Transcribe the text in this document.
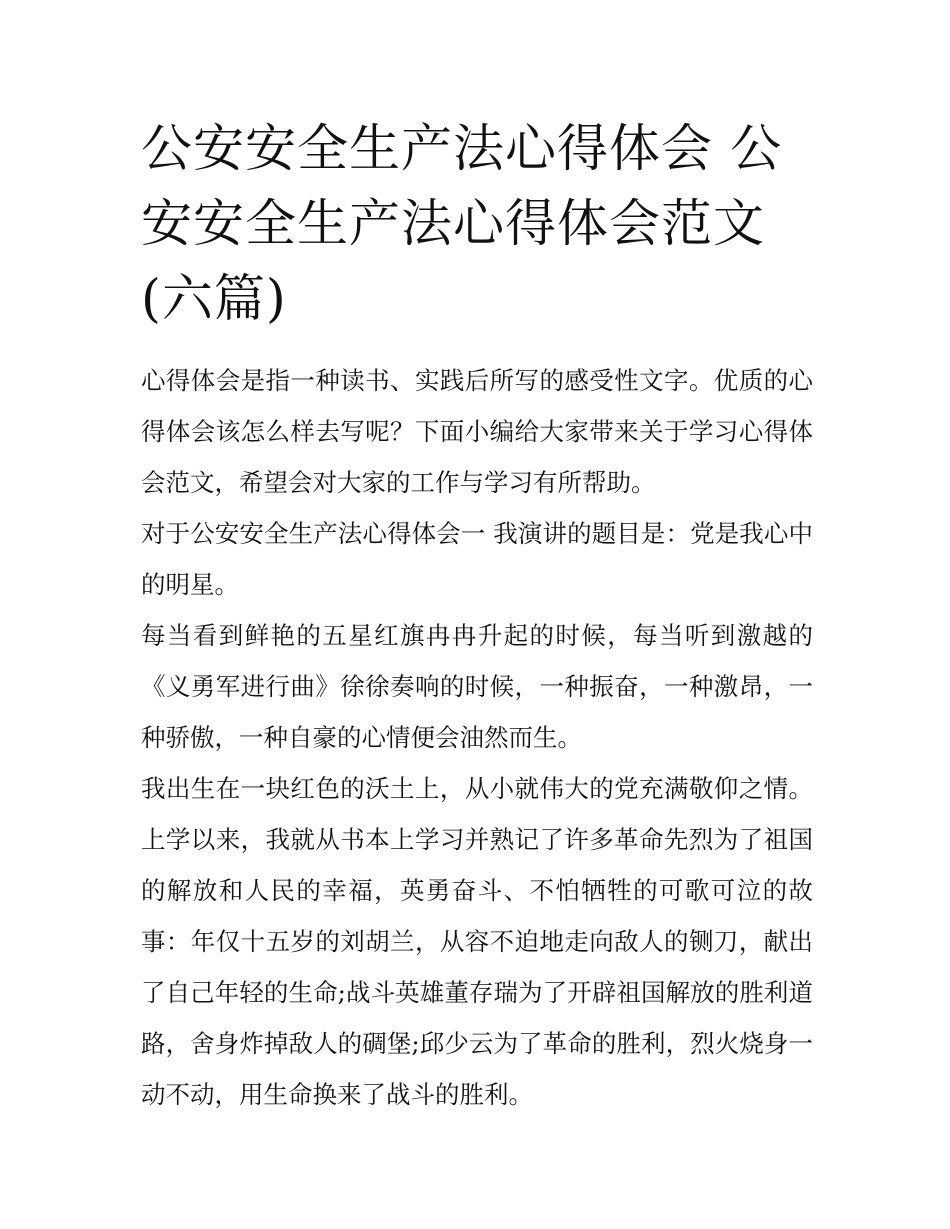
公安安全生产法心得体会 公安安全生产法心得体会范文(六篇)

心得体会是指一种读书、实践后所写的感受性文字。优质的心得体会该怎么样去写呢？下面小编给大家带来关于学习心得体会范文，希望会对大家的工作与学习有所帮助。

对于公安安全生产法心得体会一 我演讲的题目是：党是我心中的明星。

每当看到鲜艳的五星红旗冉冉升起的时候，每当听到激越的《义勇军进行曲》徐徐奏响的时候，一种振奋，一种激昂，一种骄傲，一种自豪的心情便会油然而生。

我出生在一块红色的沃土上，从小就伟大的党充满敬仰之情。上学以来，我就从书本上学习并熟记了许多革命先烈为了祖国的解放和人民的幸福，英勇奋斗、不怕牺牲的可歌可泣的故事：年仅十五岁的刘胡兰，从容不迫地走向敌人的铡刀，献出了自己年轻的生命;战斗英雄董存瑞为了开辟祖国解放的胜利道路，舍身炸掉敌人的碉堡;邱少云为了革命的胜利，烈火烧身一动不动，用生命换来了战斗的胜利。
